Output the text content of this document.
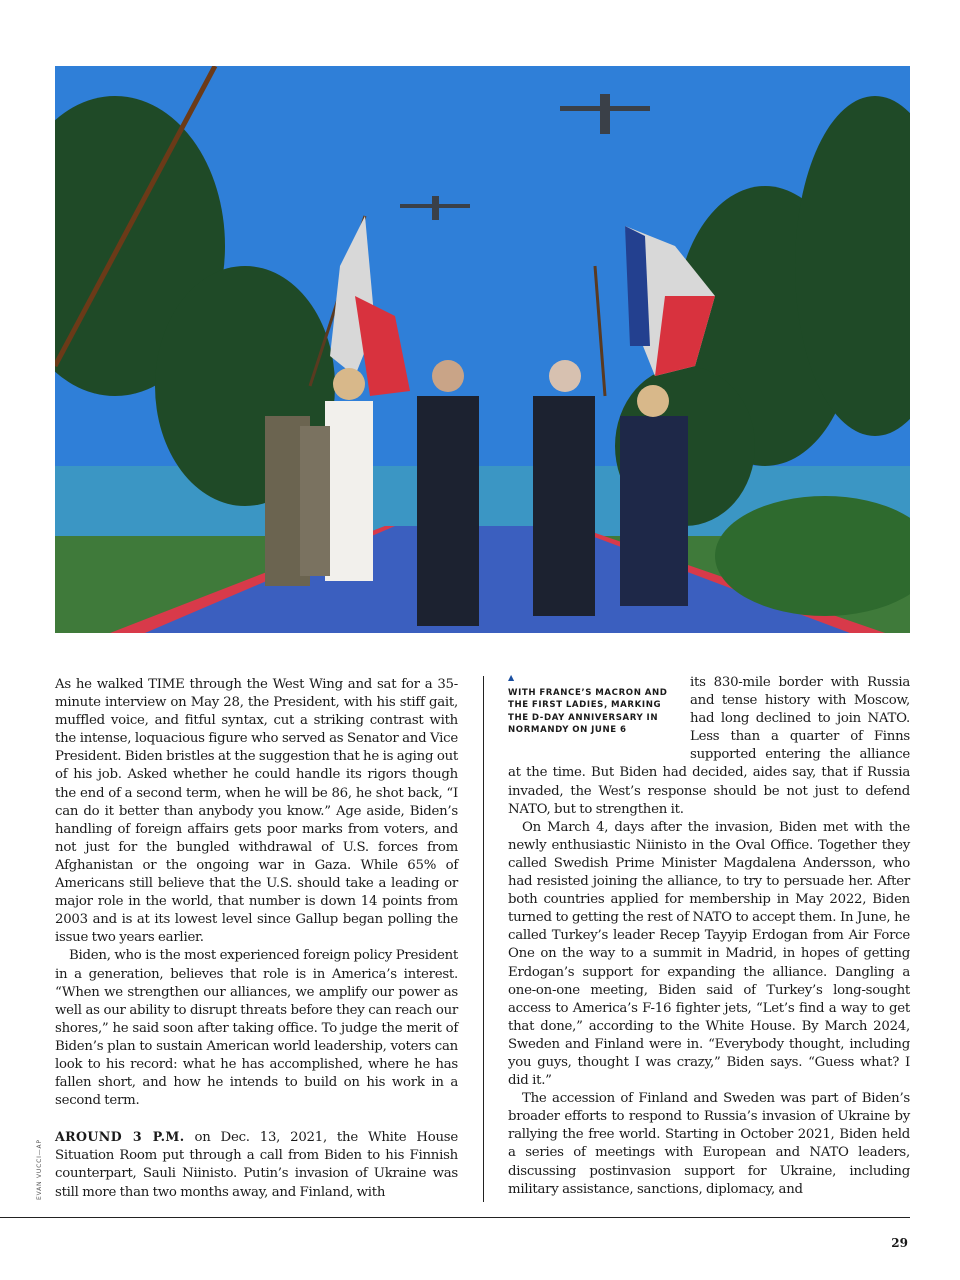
As he walked TIME through the West Wing and sat for a 35-minute interview on May 28, the President, with his stiff gait, muffled voice, and fitful syntax, cut a striking contrast with the intense, loquacious figure who served as Senator and Vice President. Biden bristles at the suggestion that he is aging out of his job. Asked whether he could handle its rigors though the end of a second term, when he will be 86, he shot back, “I can do it better than anybody you know.” Age aside, Biden’s handling of foreign affairs gets poor marks from voters, and not just for the bungled withdrawal of U.S. forces from Afghanistan or the ongoing war in Gaza. While 65% of Americans still believe that the U.S. should take a leading or major role in the world, that number is down 14 points from 2003 and is at its lowest level since Gallup began polling the issue two years earlier.

Biden, who is the most experienced foreign policy President in a generation, believes that role is in America’s interest. “When we strengthen our alliances, we amplify our power as well as our ability to disrupt threats before they can reach our shores,” he said soon after taking office. To judge the merit of Biden’s plan to sustain American world leadership, voters can look to his record: what he has accomplished, where he has fallen short, and how he intends to build on his work in a second term.

AROUND 3 P.M. on Dec. 13, 2021, the White House Situation Room put through a call from Biden to his Finnish counterpart, Sauli Niinisto. Putin’s invasion of Ukraine was still more than two months away, and Finland, with

▲
WITH FRANCE’S MACRON AND THE FIRST LADIES, MARKING THE D-DAY ANNIVERSARY IN NORMANDY ON JUNE 6

its 830-mile border with Russia and tense history with Moscow, had long declined to join NATO. Less than a quarter of Finns supported entering the alliance at the time. But Biden had decided, aides say, that if Russia invaded, the West’s response should be not just to defend NATO, but to strengthen it.

On March 4, days after the invasion, Biden met with the newly enthusiastic Niinisto in the Oval Office. Together they called Swedish Prime Minister Magdalena Andersson, who had resisted joining the alliance, to try to persuade her. After both countries applied for membership in May 2022, Biden turned to getting the rest of NATO to accept them. In June, he called Turkey’s leader Recep Tayyip Erdogan from Air Force One on the way to a summit in Madrid, in hopes of getting Erdogan’s support for expanding the alliance. Dangling a one-on-one meeting, Biden said of Turkey’s long-sought access to America’s F-16 fighter jets, “Let’s find a way to get that done,” according to the White House. By March 2024, Sweden and Finland were in. “Everybody thought, including you guys, thought I was crazy,” Biden says. “Guess what? I did it.”

The accession of Finland and Sweden was part of Biden’s broader efforts to respond to Russia’s invasion of Ukraine by rallying the free world. Starting in October 2021, Biden held a series of meetings with European and NATO leaders, discussing postinvasion support for Ukraine, including military assistance, sanctions, diplomacy, and

EVAN VUCCI—AP
29
